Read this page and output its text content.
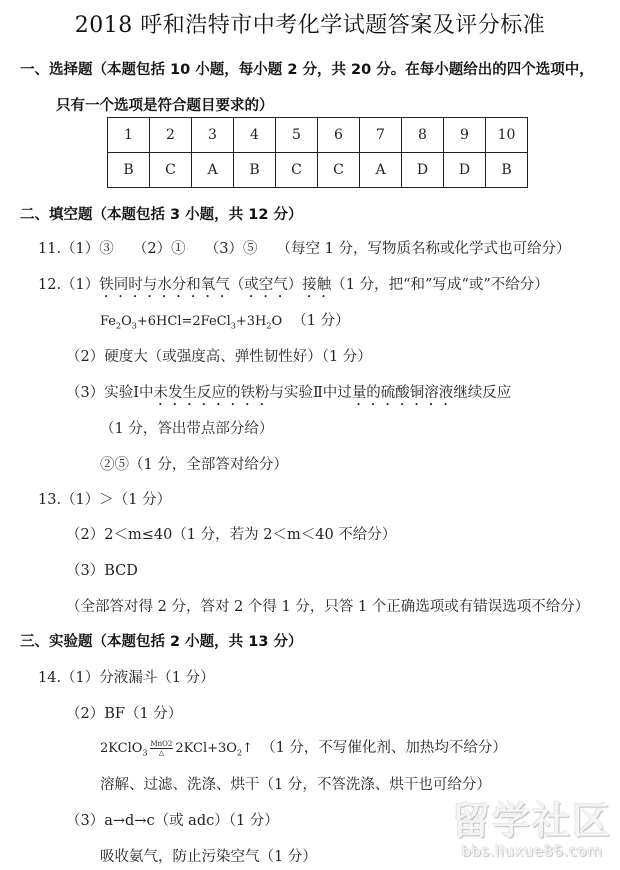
2018 呼和浩特市中考化学试题答案及评分标准
一、选择题（本题包括 10 小题，每小题 2 分，共 20 分。在每小题给出的四个选项中，
只有一个选项是符合题目要求的）
1	2	3	4	5	6	7	8	9	10
B	C	A	B	C	C	A	D	D	B
二、填空题（本题包括 3 小题，共 12 分）
11.（1）③　 （2）①　 （3）⑤　 （每空 1 分，写物质名称或化学式也可给分）
12.（1）铁同时与水分和氧气（或空气）接触（1 分，把“和”写成“或”不给分）
$Fe_2O_3+6HCl=2FeCl_3+3H_2O$ （1 分）
（2）硬度大（或强度高、弹性韧性好）（1 分）
（3）实验Ⅰ中未发生反应的铁粉与实验Ⅱ中过量的硫酸铜溶液继续反应
（1 分，答出带点部分给）
②⑤（1 分，全部答对给分）
13.（1）＞（1 分）
（2）2＜m≤40（1 分，若为 2＜m＜40 不给分）
（3）BCD
（全部答对得 2 分，答对 2 个得 1 分，只答 1 个正确选项或有错误选项不给分）
三、实验题（本题包括 2 小题，共 13 分）
14.（1）分液漏斗（1 分）
（2）BF（1 分）
2KClO$_3$ $\frac{\text{MnO2}}{\triangle}$ $2KCl+3O_2↑$ （1 分，不写催化剂、加热均不给分）
溶解、过滤、洗涤、烘干（1 分，不答洗涤、烘干也可给分）
（3）a→d→c（或 adc）（1 分）
吸收氨气，防止污染空气（1 分）
留学社区
bbs.liuxue86.com
